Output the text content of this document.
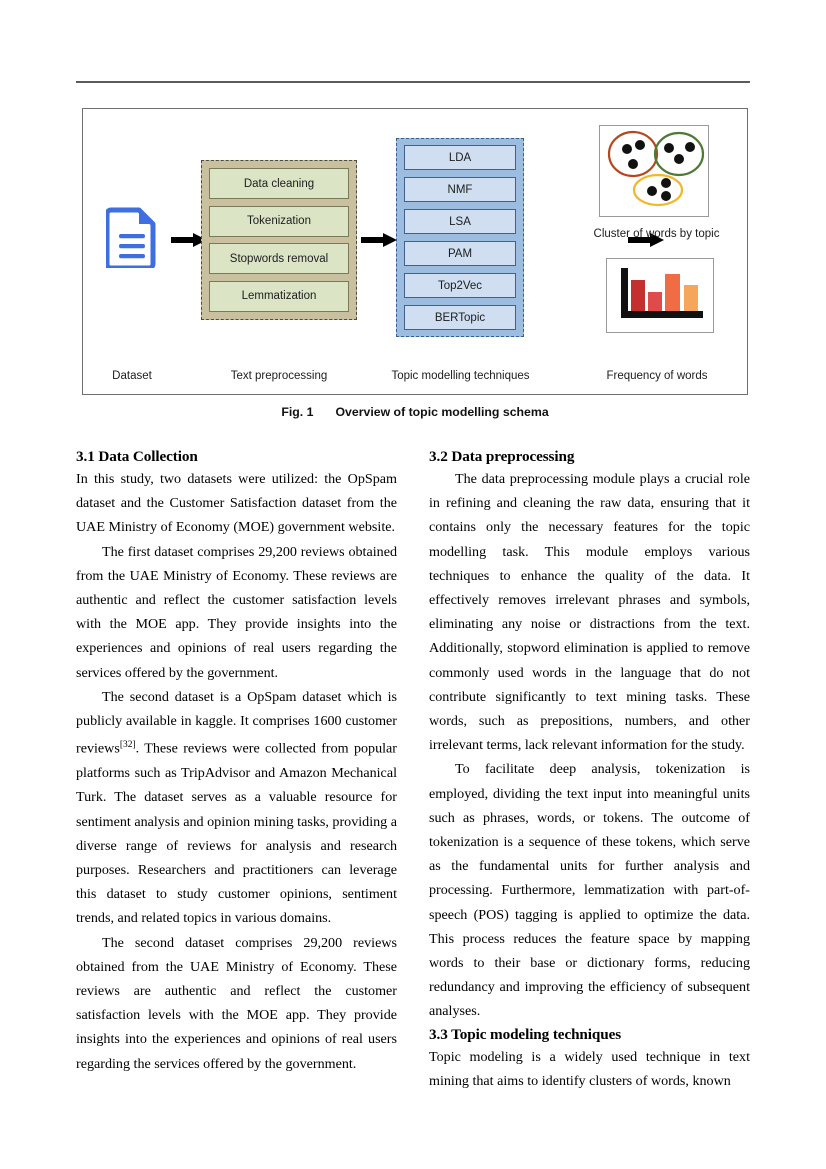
Data cleaning
Tokenization
Stopwords removal
Lemmatization
LDA
NMF
LSA
PAM
Top2Vec
BERTopic
Cluster of words by topic
Dataset	Text preprocessing	Topic modelling techniques	Frequency of words
Fig. 1 Overview of topic modelling schema
3.1 Data Collection

In this study, two datasets were utilized: the OpSpam dataset and the Customer Satisfaction dataset from the UAE Ministry of Economy (MOE) government website.

The first dataset comprises 29,200 reviews obtained from the UAE Ministry of Economy. These reviews are authentic and reflect the customer satisfaction levels with the MOE app. They provide insights into the experiences and opinions of real users regarding the services offered by the government.

The second dataset is a OpSpam dataset which is publicly available in kaggle. It comprises 1600 customer reviews[32]. These reviews were collected from popular platforms such as TripAdvisor and Amazon Mechanical Turk. The dataset serves as a valuable resource for sentiment analysis and opinion mining tasks, providing a diverse range of reviews for analysis and research purposes. Researchers and practitioners can leverage this dataset to study customer opinions, sentiment trends, and related topics in various domains.

The second dataset comprises 29,200 reviews obtained from the UAE Ministry of Economy. These reviews are authentic and reflect the customer satisfaction levels with the MOE app. They provide insights into the experiences and opinions of real users regarding the services offered by the government.

3.2 Data preprocessing

The data preprocessing module plays a crucial role in refining and cleaning the raw data, ensuring that it contains only the necessary features for the topic modelling task. This module employs various techniques to enhance the quality of the data. It effectively removes irrelevant phrases and symbols, eliminating any noise or distractions from the text. Additionally, stopword elimination is applied to remove commonly used words in the language that do not contribute significantly to text mining tasks. These words, such as prepositions, numbers, and other irrelevant terms, lack relevant information for the study.

To facilitate deep analysis, tokenization is employed, dividing the text input into meaningful units such as phrases, words, or tokens. The outcome of tokenization is a sequence of these tokens, which serve as the fundamental units for further analysis and processing. Furthermore, lemmatization with part-of-speech (POS) tagging is applied to optimize the data. This process reduces the feature space by mapping words to their base or dictionary forms, reducing redundancy and improving the efficiency of subsequent analyses.

3.3 Topic modeling techniques

Topic modeling is a widely used technique in text mining that aims to identify clusters of words, known
